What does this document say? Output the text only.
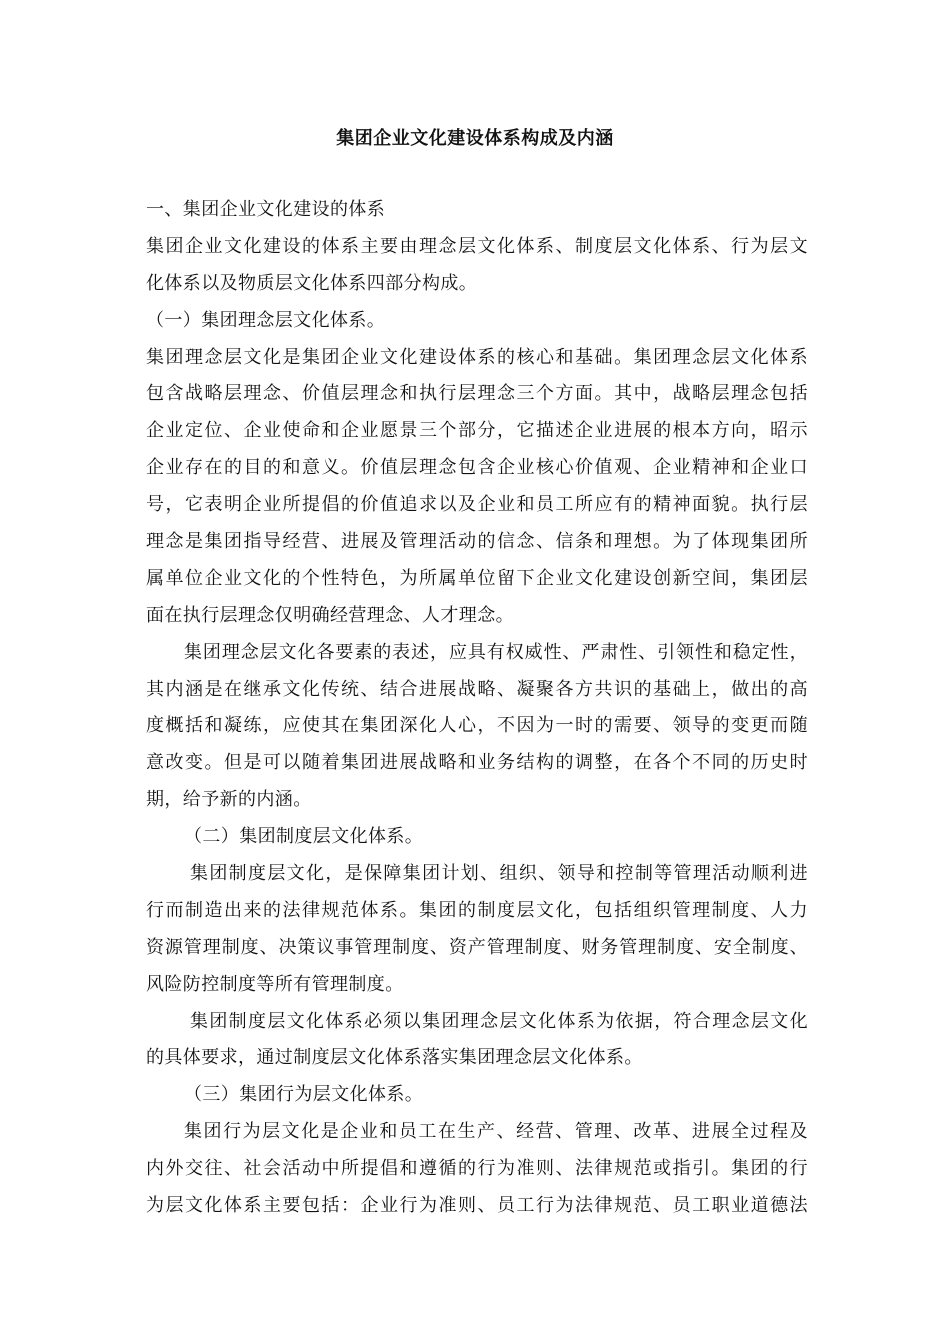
集团企业文化建设体系构成及内涵
一、集团企业文化建设的体系
集团企业文化建设的体系主要由理念层文化体系、制度层文化体系、行为层文
化体系以及物质层文化体系四部分构成。
（一）集团理念层文化体系。
集团理念层文化是集团企业文化建设体系的核心和基础。集团理念层文化体系
包含战略层理念、价值层理念和执行层理念三个方面。其中，战略层理念包括
企业定位、企业使命和企业愿景三个部分，它描述企业进展的根本方向，昭示
企业存在的目的和意义。价值层理念包含企业核心价值观、企业精神和企业口
号，它表明企业所提倡的价值追求以及企业和员工所应有的精神面貌。执行层
理念是集团指导经营、进展及管理活动的信念、信条和理想。为了体现集团所
属单位企业文化的个性特色，为所属单位留下企业文化建设创新空间，集团层
面在执行层理念仅明确经营理念、人才理念。
集团理念层文化各要素的表述，应具有权威性、严肃性、引领性和稳定性，
其内涵是在继承文化传统、结合进展战略、凝聚各方共识的基础上，做出的高
度概括和凝练，应使其在集团深化人心，不因为一时的需要、领导的变更而随
意改变。但是可以随着集团进展战略和业务结构的调整，在各个不同的历史时
期，给予新的内涵。
（二）集团制度层文化体系。
集团制度层文化，是保障集团计划、组织、领导和控制等管理活动顺利进
行而制造出来的法律规范体系。集团的制度层文化，包括组织管理制度、人力
资源管理制度、决策议事管理制度、资产管理制度、财务管理制度、安全制度、
风险防控制度等所有管理制度。
集团制度层文化体系必须以集团理念层文化体系为依据，符合理念层文化
的具体要求，通过制度层文化体系落实集团理念层文化体系。
（三）集团行为层文化体系。
集团行为层文化是企业和员工在生产、经营、管理、改革、进展全过程及
内外交往、社会活动中所提倡和遵循的行为准则、法律规范或指引。集团的行
为层文化体系主要包括：企业行为准则、员工行为法律规范、员工职业道德法
